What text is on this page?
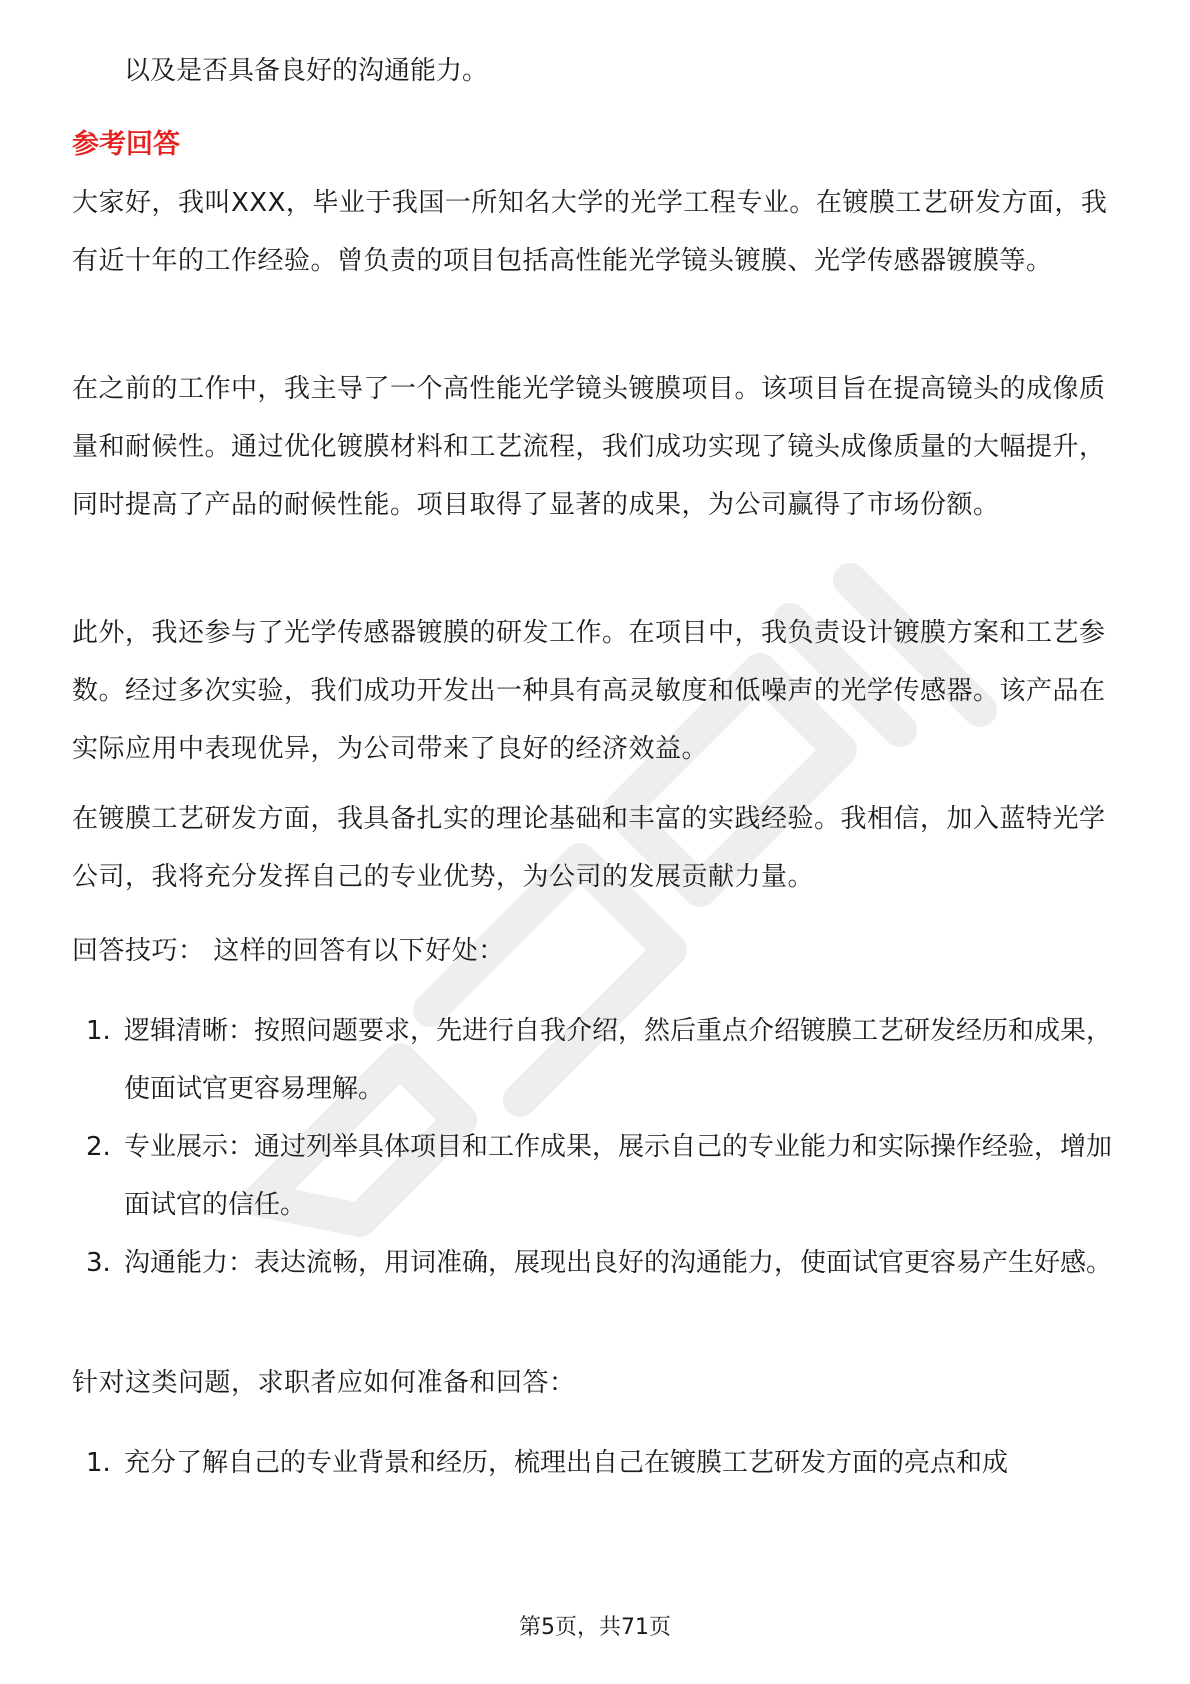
以及是否具备良好的沟通能力。
参考回答

大家好，我叫XXX，毕业于我国一所知名大学的光学工程专业。在镀膜工艺研发方面，我有近十年的工作经验。曾负责的项目包括高性能光学镜头镀膜、光学传感器镀膜等。

在之前的工作中，我主导了一个高性能光学镜头镀膜项目。该项目旨在提高镜头的成像质量和耐候性。通过优化镀膜材料和工艺流程，我们成功实现了镜头成像质量的大幅提升，同时提高了产品的耐候性能。项目取得了显著的成果，为公司赢得了市场份额。

此外，我还参与了光学传感器镀膜的研发工作。在项目中，我负责设计镀膜方案和工艺参数。经过多次实验，我们成功开发出一种具有高灵敏度和低噪声的光学传感器。该产品在实际应用中表现优异，为公司带来了良好的经济效益。

在镀膜工艺研发方面，我具备扎实的理论基础和丰富的实践经验。我相信，加入蓝特光学公司，我将充分发挥自己的专业优势，为公司的发展贡献力量。

回答技巧： 这样的回答有以下好处：

1. 逻辑清晰：按照问题要求，先进行自我介绍，然后重点介绍镀膜工艺研发经历和成果，使面试官更容易理解。
2. 专业展示：通过列举具体项目和工作成果，展示自己的专业能力和实际操作经验，增加面试官的信任。
3. 沟通能力：表达流畅，用词准确，展现出良好的沟通能力，使面试官更容易产生好感。

针对这类问题，求职者应如何准备和回答：

1. 充分了解自己的专业背景和经历，梳理出自己在镀膜工艺研发方面的亮点和成
第5页，共71页
